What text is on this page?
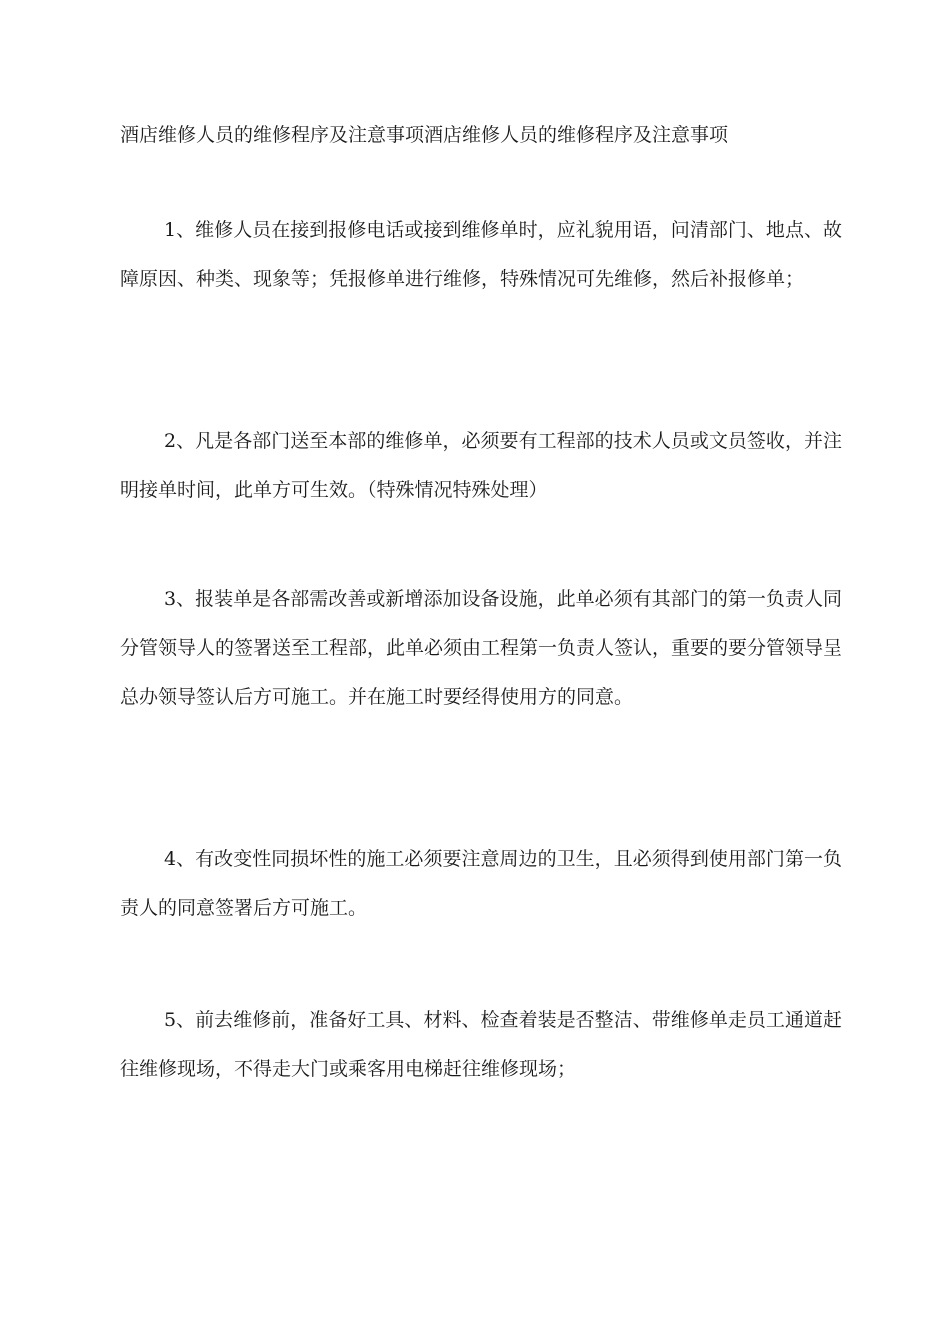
酒店维修人员的维修程序及注意事项酒店维修人员的维修程序及注意事项

1、维修人员在接到报修电话或接到维修单时，应礼貌用语，问清部门、地点、故障原因、种类、现象等；凭报修单进行维修，特殊情况可先维修，然后补报修单；

2、凡是各部门送至本部的维修单，必须要有工程部的技术人员或文员签收，并注明接单时间，此单方可生效。（特殊情况特殊处理）

3、报装单是各部需改善或新增添加设备设施，此单必须有其部门的第一负责人同分管领导人的签署送至工程部，此单必须由工程第一负责人签认，重要的要分管领导呈总办领导签认后方可施工。并在施工时要经得使用方的同意。

4、有改变性同损坏性的施工必须要注意周边的卫生，且必须得到使用部门第一负责人的同意签署后方可施工。

5、前去维修前，准备好工具、材料、检查着装是否整洁、带维修单走员工通道赶往维修现场，不得走大门或乘客用电梯赶往维修现场；
